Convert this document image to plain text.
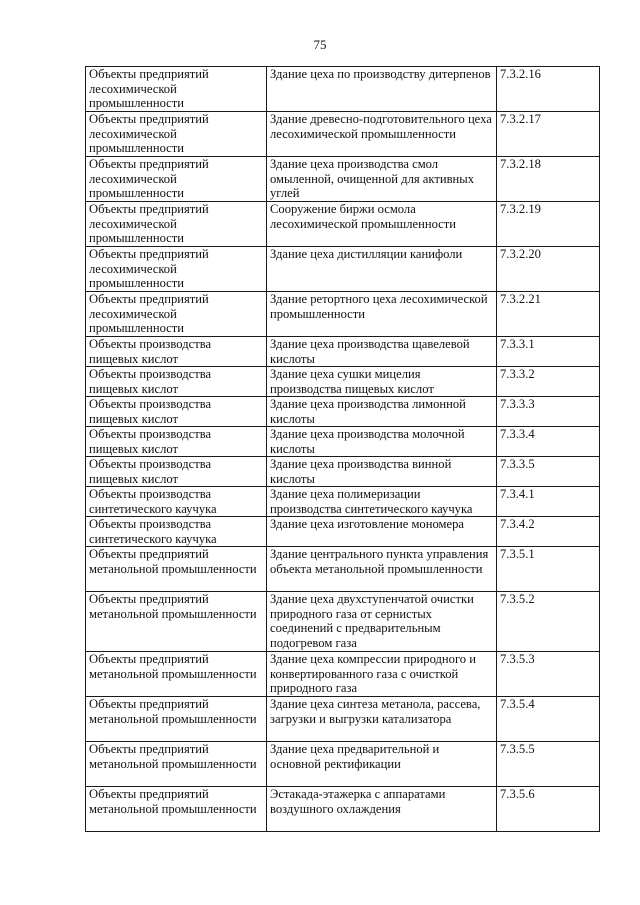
75
Объекты предприятий лесохимической промышленности	Здание цеха по производству дитерпенов	7.3.2.16
Объекты предприятий лесохимической промышленности	Здание древесно-подготовительного цеха лесохимической промышленности	7.3.2.17
Объекты предприятий лесохимической промышленности	Здание цеха производства смол омыленной, очищенной для активных углей	7.3.2.18
Объекты предприятий лесохимической промышленности	Сооружение биржи осмола лесохимической промышленности	7.3.2.19
Объекты предприятий лесохимической промышленности	Здание цеха дистилляции канифоли	7.3.2.20
Объекты предприятий лесохимической промышленности	Здание ретортного цеха лесохимической промышленности	7.3.2.21
Объекты производства пищевых кислот	Здание цеха производства щавелевой кислоты	7.3.3.1
Объекты производства пищевых кислот	Здание цеха сушки мицелия производства пищевых кислот	7.3.3.2
Объекты производства пищевых кислот	Здание цеха производства лимонной кислоты	7.3.3.3
Объекты производства пищевых кислот	Здание цеха производства молочной кислоты	7.3.3.4
Объекты производства пищевых кислот	Здание цеха производства винной кислоты	7.3.3.5
Объекты производства синтетического каучука	Здание цеха полимеризации производства синтетического каучука	7.3.4.1
Объекты производства синтетического каучука	Здание цеха изготовление мономера	7.3.4.2
Объекты предприятий метанольной промышленности	Здание центрального пункта управления объекта метанольной промышленности	7.3.5.1
Объекты предприятий метанольной промышленности	Здание цеха двухступенчатой очистки природного газа от сернистых соединений с предварительным подогревом газа	7.3.5.2
Объекты предприятий метанольной промышленности	Здание цеха компрессии природного и конвертированного газа с очисткой природного газа	7.3.5.3
Объекты предприятий метанольной промышленности	Здание цеха синтеза метанола, рассева, загрузки и выгрузки катализатора	7.3.5.4
Объекты предприятий метанольной промышленности	Здание цеха предварительной и основной ректификации	7.3.5.5
Объекты предприятий метанольной промышленности	Эстакада-этажерка с аппаратами воздушного охлаждения	7.3.5.6
